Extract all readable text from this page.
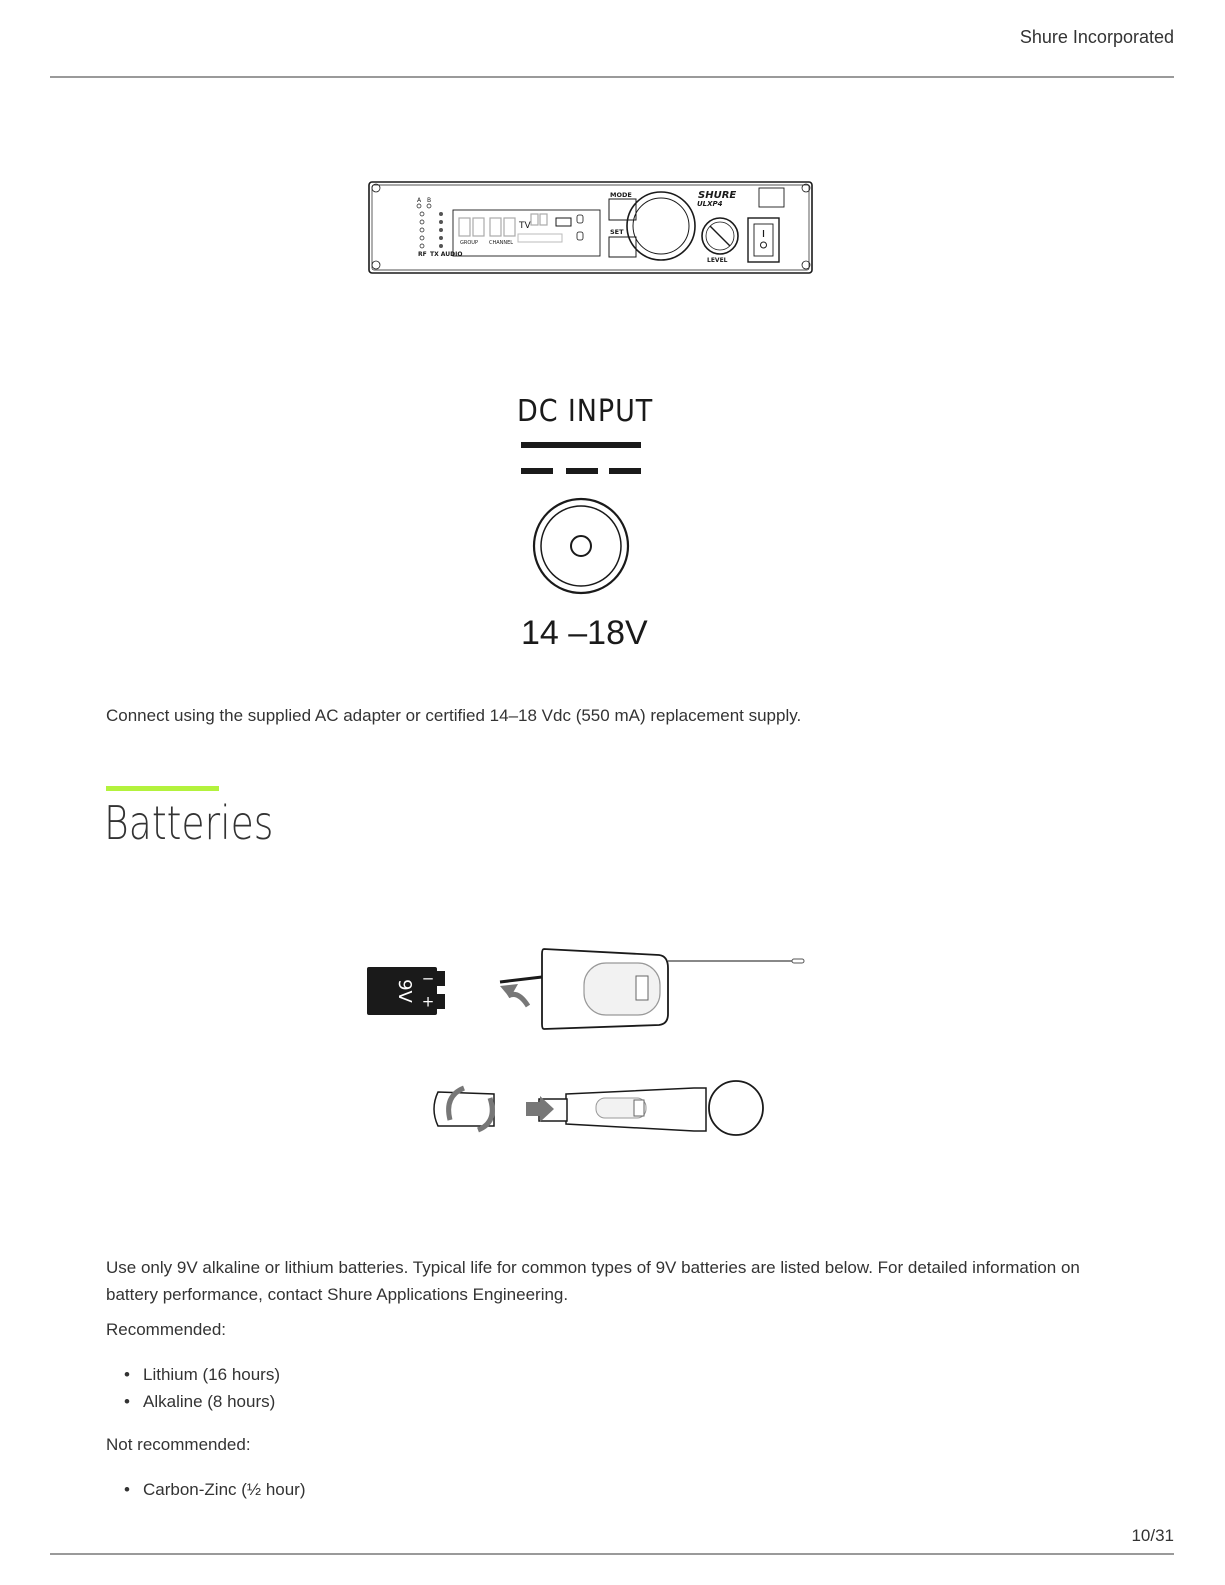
Shure Incorporated
A B
RF TX AUDIO
TV
GROUP CHANNEL
MODE
SET
SHURE
ULXP4
LEVEL
DC INPUT
14 –18V

Connect using the supplied AC adapter or certified 14–18 Vdc (550 mA) replacement supply.

Batteries
9V
−
+

Use only 9V alkaline or lithium batteries. Typical life for common types of 9V batteries are listed below. For detailed information on battery performance, contact Shure Applications Engineering.

Recommended:

• Lithium (16 hours)
• Alkaline (8 hours)

Not recommended:

• Carbon-Zinc (½ hour)
10/31
